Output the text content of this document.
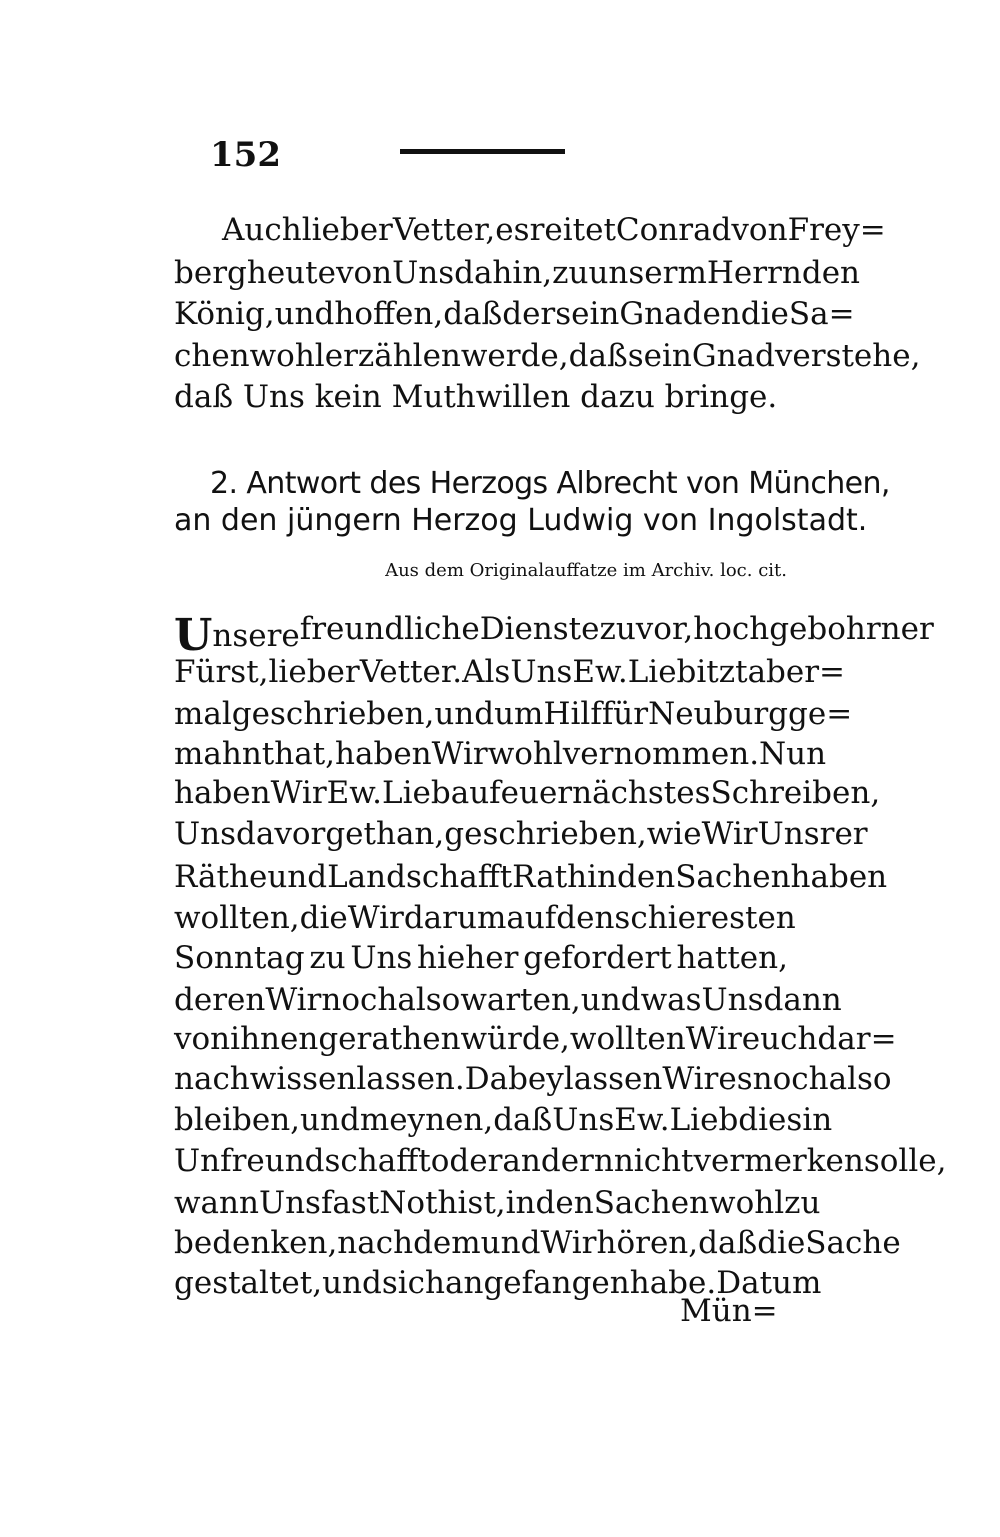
152
Auch lieber Vetter, es reitet Conrad von Frey=
berg heute von Uns dahin, zu unserm Herrn den
König, und hoffen, daß der sein Gnaden die Sa=
chen wohl erzählen werde, daß sein Gnad verstehe,
daß Uns kein Muthwillen dazu bringe.
2. Antwort des Herzogs Albrecht von München,
an den jüngern Herzog Ludwig von Ingolstadt.
Aus dem Originalauffatze im Archiv. loc. cit.
Unsere freundliche Dienste zuvor, hochgebohrner
Fürst, lieber Vetter. Als Uns Ew. Lieb itzt aber=
mal geschrieben, und um Hilf für Neuburg ge=
mahnt hat, haben Wir wohl vernommen. Nun
haben Wir Ew. Lieb auf euer nächstes Schreiben,
Uns davor gethan, geschrieben, wie Wir Unsrer
Räthe und Landschafft Rath in den Sachen haben
wollten, die Wir darum auf den schieresten
Sonntag zu Uns hieher gefordert hatten,
deren Wir noch also warten, und was Uns dann
von ihnen gerathen würde, wollten Wir euch dar=
nach wissen lassen. Dabey lassen Wir es noch also
bleiben, und meynen, daß Uns Ew. Lieb dies in
Unfreundschafft oder andern nicht vermerken solle,
wann Uns fast Noth ist, in den Sachen wohl zu
bedenken, nachdem und Wir hören, daß die Sache
gestaltet, und sich angefangen habe. Datum
Mün=
